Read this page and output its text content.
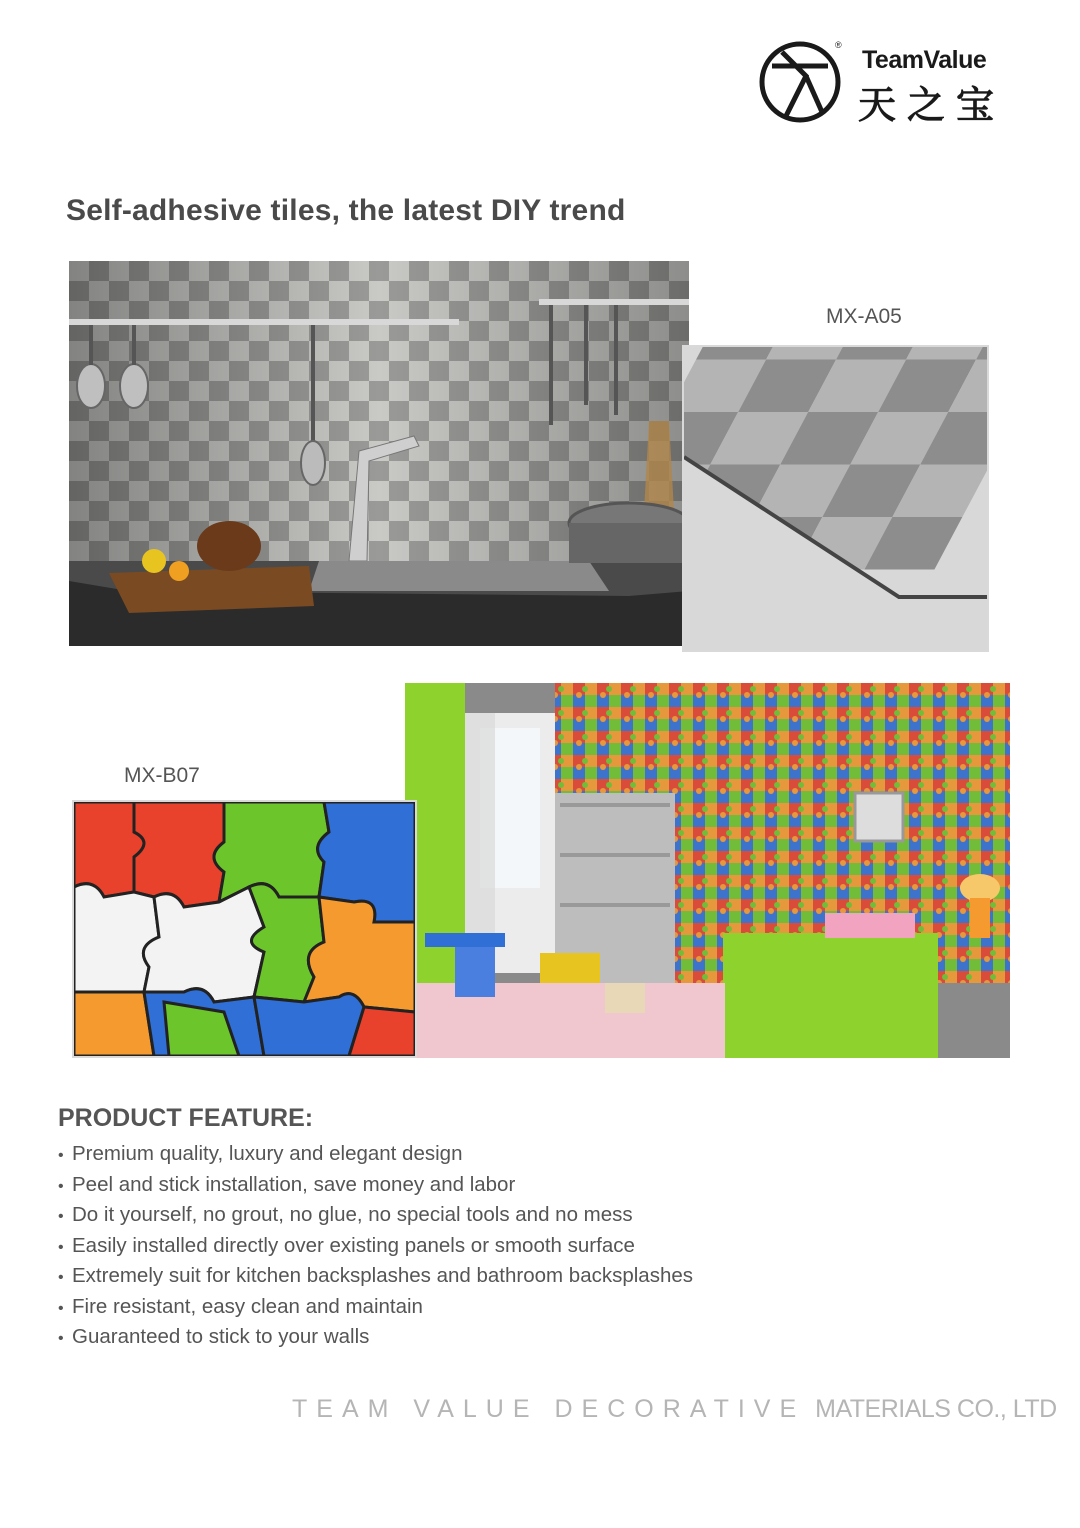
®
TeamValue
天之宝
Self-adhesive tiles, the latest DIY trend
MX-A05
MX-B07
PRODUCT FEATURE:
• Premium quality, luxury and elegant design
• Peel and stick installation, save money and labor
• Do it yourself, no grout, no glue, no special tools and no mess
• Easily installed directly over existing panels or smooth surface
• Extremely suit for kitchen backsplashes and bathroom backsplashes
• Fire resistant, easy clean and maintain
• Guaranteed to stick to your walls
TEAM VALUE DECORATIVE MATERIALS CO., LTD
